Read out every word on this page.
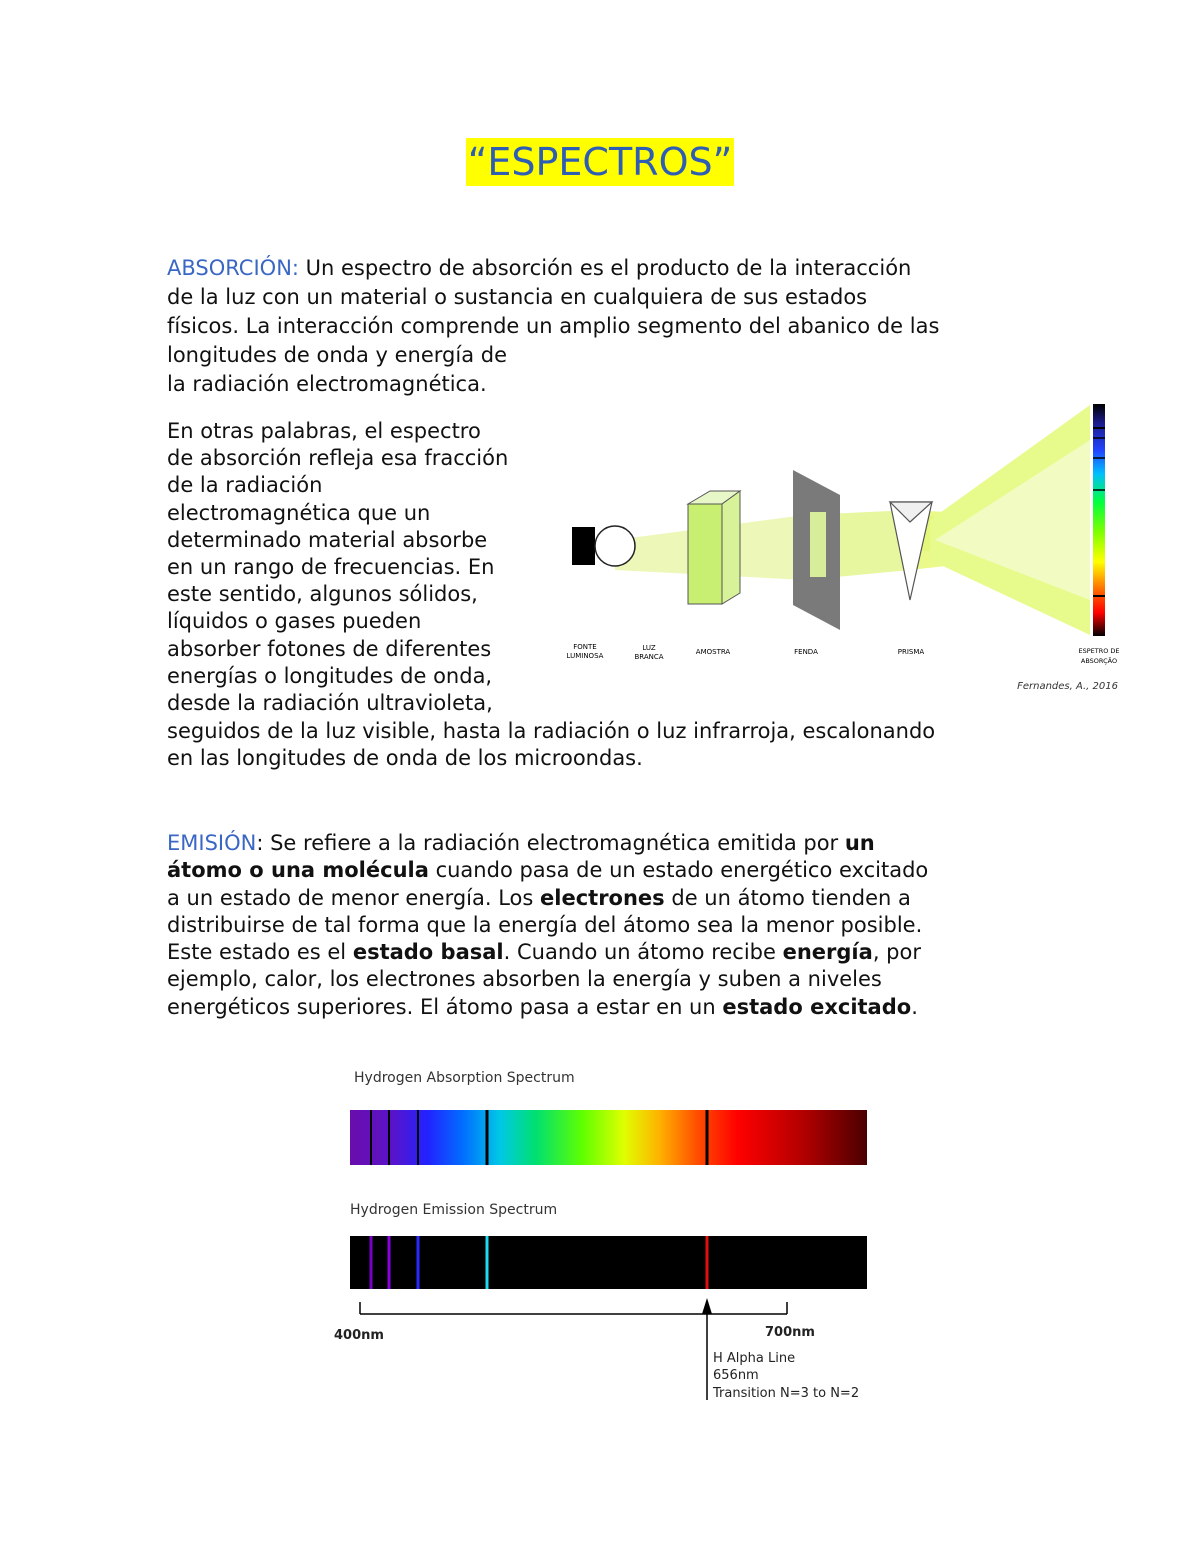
“ESPECTROS”
ABSORCIÓN: Un espectro de absorción es el producto de la interacción
de la luz con un material o sustancia en cualquiera de sus estados
físicos. La interacción comprende un amplio segmento del abanico de las
longitudes de onda y energía de
la radiación electromagnética.
En otras palabras, el espectro
de absorción refleja esa fracción
de la radiación
electromagnética que un
determinado material absorbe
en un rango de frecuencias. En
este sentido, algunos sólidos,
líquidos o gases pueden
absorber fotones de diferentes
energías o longitudes de onda,
desde la radiación ultravioleta,
FONTE
LUMINOSA
LUZ
BRANCA
AMOSTRA	FENDA	PRISMA	ESPETRO DE
ABSORÇÃO
Fernandes, A., 2016
seguidos de la luz visible, hasta la radiación o luz infrarroja, escalonando
en las longitudes de onda de los microondas.
EMISIÓN: Se refiere a la radiación electromagnética emitida por un
átomo o una molécula cuando pasa de un estado energético excitado
a un estado de menor energía. Los electrones de un átomo tienden a
distribuirse de tal forma que la energía del átomo sea la menor posible.
Este estado es el estado basal. Cuando un átomo recibe energía, por
ejemplo, calor, los electrones absorben la energía y suben a niveles
energéticos superiores. El átomo pasa a estar en un estado excitado.
Hydrogen Absorption Spectrum
Hydrogen Emission Spectrum
400nm	700nm
H Alpha Line
656nm
Transition N=3 to N=2
